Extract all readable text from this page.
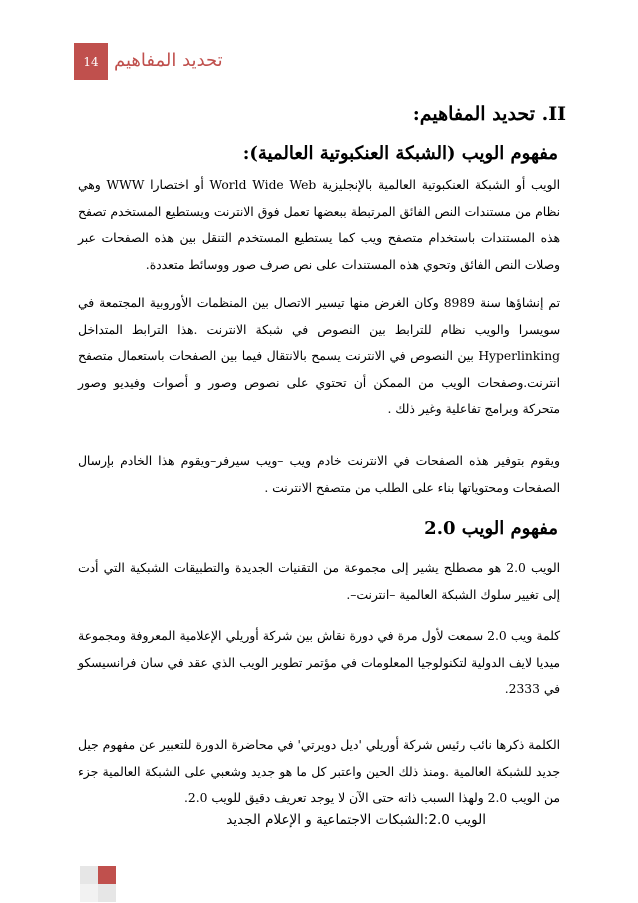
14 تحديد المفاهيم
II. تحديد المفاهيم:
مفهوم الويب (الشبكة العنكبوتية العالمية):
الويب أو الشبكة العنكبوتية العالمية بالإنجليزية World Wide Web أو اختصارا WWW وهي نظام من مستندات النص الفائق المرتبطة ببعضها تعمل فوق الانترنت ويستطيع المستخدم تصفح هذه المستندات باستخدام متصفح ويب كما يستطيع المستخدم التنقل بين هذه الصفحات عبر وصلات النص الفائق وتحوي هذه المستندات على نص صرف صور ووسائط متعددة.
تم إنشاؤها سنة 8989 وكان الغرض منها تيسير الاتصال بين المنظمات الأوروبية المجتمعة في سويسرا والويب نظام للترابط بين النصوص في شبكة الانترنت .هذا الترابط المتداخل Hyperlinking بين النصوص في الانترنت يسمح بالانتقال فيما بين الصفحات باستعمال متصفح انترنت.وصفحات الويب من الممكن أن تحتوي على نصوص وصور و أصوات وفيديو وصور متحركة وبرامج تفاعلية وغير ذلك .
ويقوم بتوفير هذه الصفحات في الانترنت خادم ويب –ويب سيرفر–ويقوم هذا الخادم بإرسال الصفحات ومحتوياتها بناء على الطلب من متصفح الانترنت .
مفهوم الويب 2.0
الويب 2.0 هو مصطلح يشير إلى مجموعة من التقنيات الجديدة والتطبيقات الشبكية التي أدت إلى تغيير سلوك الشبكة العالمية –انترنت–.
كلمة ويب 2.0 سمعت لأول مرة في دورة نقاش بين شركة أوريلي الإعلامية المعروفة ومجموعة ميديا لايف الدولية لتكنولوجيا المعلومات في مؤتمر تطوير الويب الذي عقد في سان فرانسيسكو في 2333.
الكلمة ذكرها نائب رئيس شركة أوريلي 'ديل دويرتي' في محاضرة الدورة للتعبير عن مفهوم جيل جديد للشبكة العالمية .ومنذ ذلك الحين واعتبر كل ما هو جديد وشعبي على الشبكة العالمية جزء من الويب 2.0 ولهذا السبب ذاته حتى الآن لا يوجد تعريف دقيق للويب 2.0.
الويب 2.0:الشبكات الاجتماعية و الإعلام الجديد
